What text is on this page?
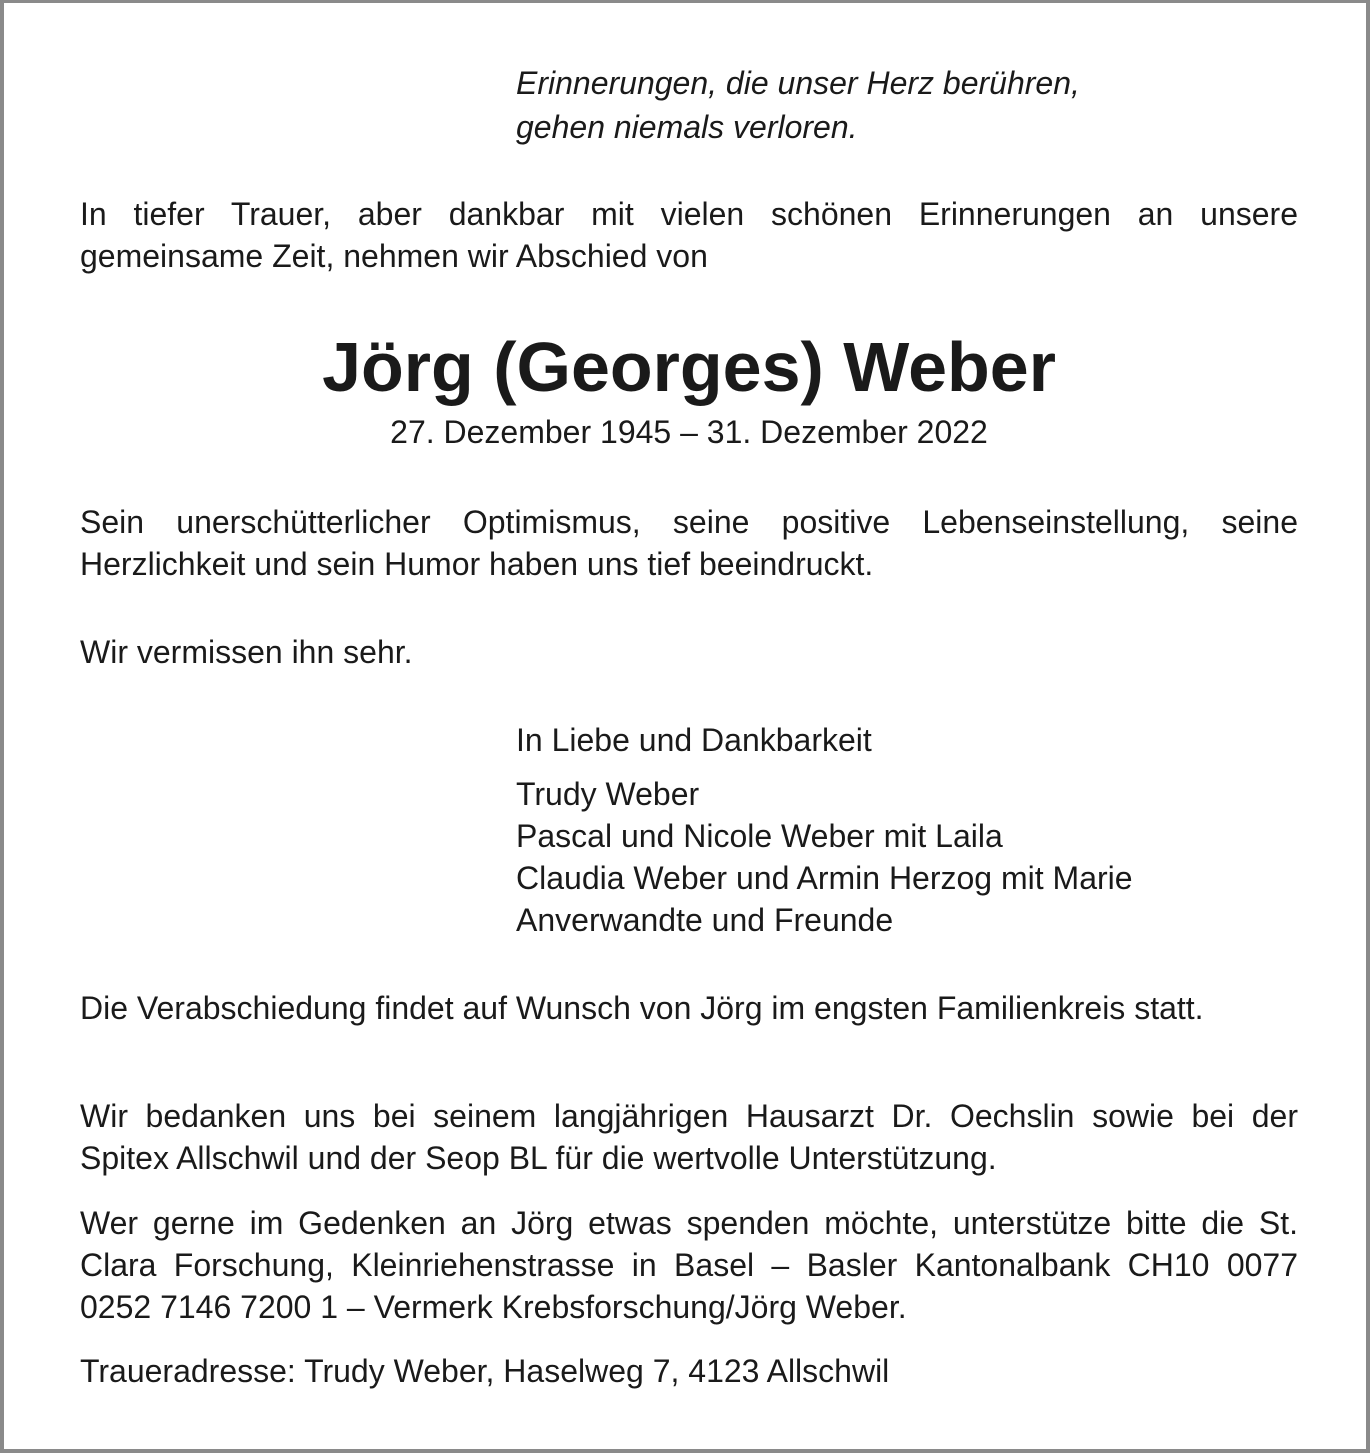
Erinnerungen, die unser Herz berühren,
gehen niemals verloren.

In tiefer Trauer, aber dankbar mit vielen schönen Erinnerungen an unsere gemeinsame Zeit, nehmen wir Abschied von

Jörg (Georges) Weber

27. Dezember 1945 – 31. Dezember 2022

Sein unerschütterlicher Optimismus, seine positive Lebenseinstellung, seine Herzlichkeit und sein Humor haben uns tief beeindruckt.

Wir vermissen ihn sehr.

In Liebe und Dankbarkeit

Trudy Weber
Pascal und Nicole Weber mit Laila
Claudia Weber und Armin Herzog mit Marie
Anverwandte und Freunde

Die Verabschiedung findet auf Wunsch von Jörg im engsten Familienkreis statt.

Wir bedanken uns bei seinem langjährigen Hausarzt Dr. Oechslin sowie bei der Spitex Allschwil und der Seop BL für die wertvolle Unterstützung.

Wer gerne im Gedenken an Jörg etwas spenden möchte, unterstütze bitte die St. Clara Forschung, Kleinriehenstrasse in Basel – Basler Kantonalbank CH10 0077 0252 7146 7200 1 – Vermerk Krebsforschung/Jörg Weber.

Traueradresse: Trudy Weber, Haselweg 7, 4123 Allschwil
